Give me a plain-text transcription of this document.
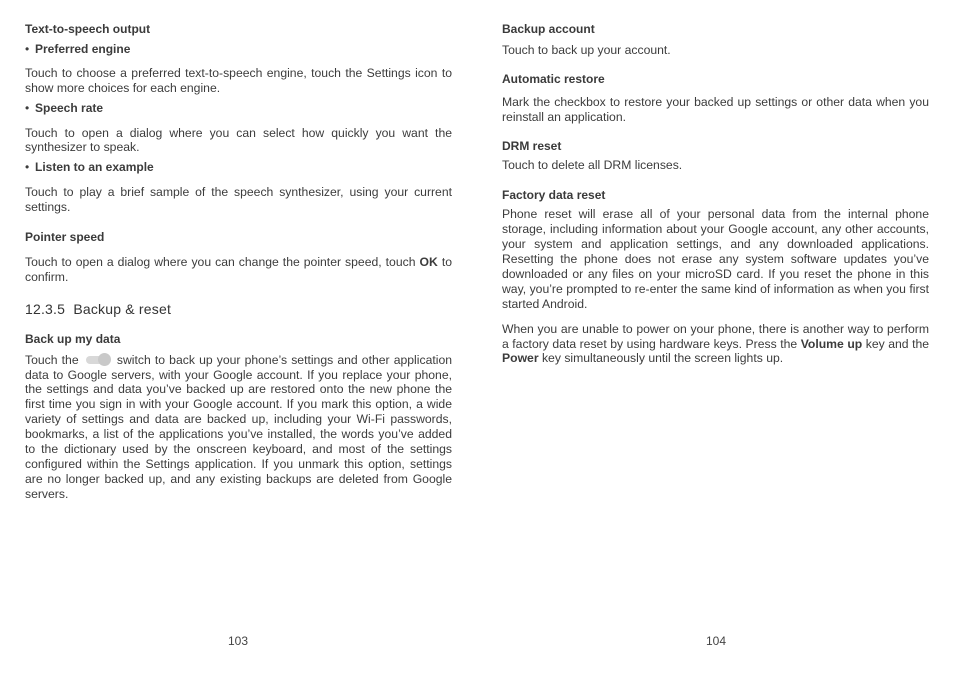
Text-to-speech output
• Preferred engine

Touch to choose a preferred text-to-speech engine, touch the Settings icon to show more choices for each engine.

• Speech rate

Touch to open a dialog where you can select how quickly you want the synthesizer to speak.

• Listen to an example

Touch to play a brief sample of the speech synthesizer, using your current settings.

Pointer speed

Touch to open a dialog where you can change the pointer speed, touch OK to confirm.

12.3.5 Backup & reset
Back up my data

Touch the	switch to back up your phone’s settings and other application data to Google servers, with your Google account. If you replace your phone, the settings and data you’ve backed up are restored onto the new phone the first time you sign in with your Google account. If you mark this option, a wide variety of settings and data are backed up, including your Wi-Fi passwords, bookmarks, a list of the applications you’ve installed, the words you’ve added to the dictionary used by the onscreen keyboard, and most of the settings configured within the Settings application. If you unmark this option, settings are no longer backed up, and any existing backups are deleted from Google servers.

Backup account

Touch to back up your account.

Automatic restore

Mark the checkbox to restore your backed up settings or other data when you reinstall an application.

DRM reset

Touch to delete all DRM licenses.

Factory data reset

Phone reset will erase all of your personal data from the internal phone storage, including information about your Google account, any other accounts, your system and application settings, and any downloaded applications. Resetting the phone does not erase any system software updates you’ve downloaded or any files on your microSD card. If you reset the phone in this way, you’re prompted to re-enter the same kind of information as when you first started Android.

When you are unable to power on your phone, there is another way to perform a factory data reset by using hardware keys. Press the Volume up key and the Power key simultaneously until the screen lights up.

103	104
